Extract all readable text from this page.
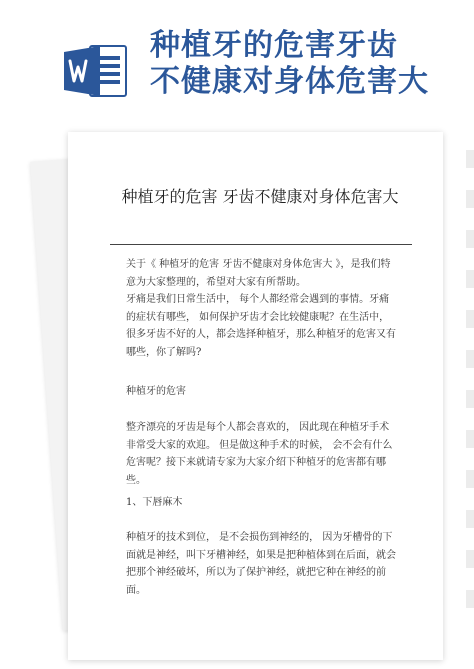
种植牙的危害牙齿
不健康对身体危害大
种植牙的危害 牙齿不健康对身体危害大
关于《 种植牙的危害 牙齿不健康对身体危害大 》，是我们特意为大家整理的，希望对大家有所帮助。
牙痛是我们日常生活中， 每个人都经常会遇到的事情。牙痛的症状有哪些， 如何保护牙齿才会比较健康呢？在生活中， 很多牙齿不好的人，都会选择种植牙，那么种植牙的危害又有哪些，你了解吗?
种植牙的危害
整齐漂亮的牙齿是每个人都会喜欢的， 因此现在种植牙手术非常受大家的欢迎。 但是做这种手术的时候， 会不会有什么危害呢？接下来就请专家为大家介绍下种植牙的危害都有哪些。
1、下唇麻木
种植牙的技术到位， 是不会损伤到神经的， 因为牙槽骨的下面就是神经，叫下牙槽神经，如果是把种植体到在后面，就会把那个神经破坏，所以为了保护神经，就把它种在神经的前面。
